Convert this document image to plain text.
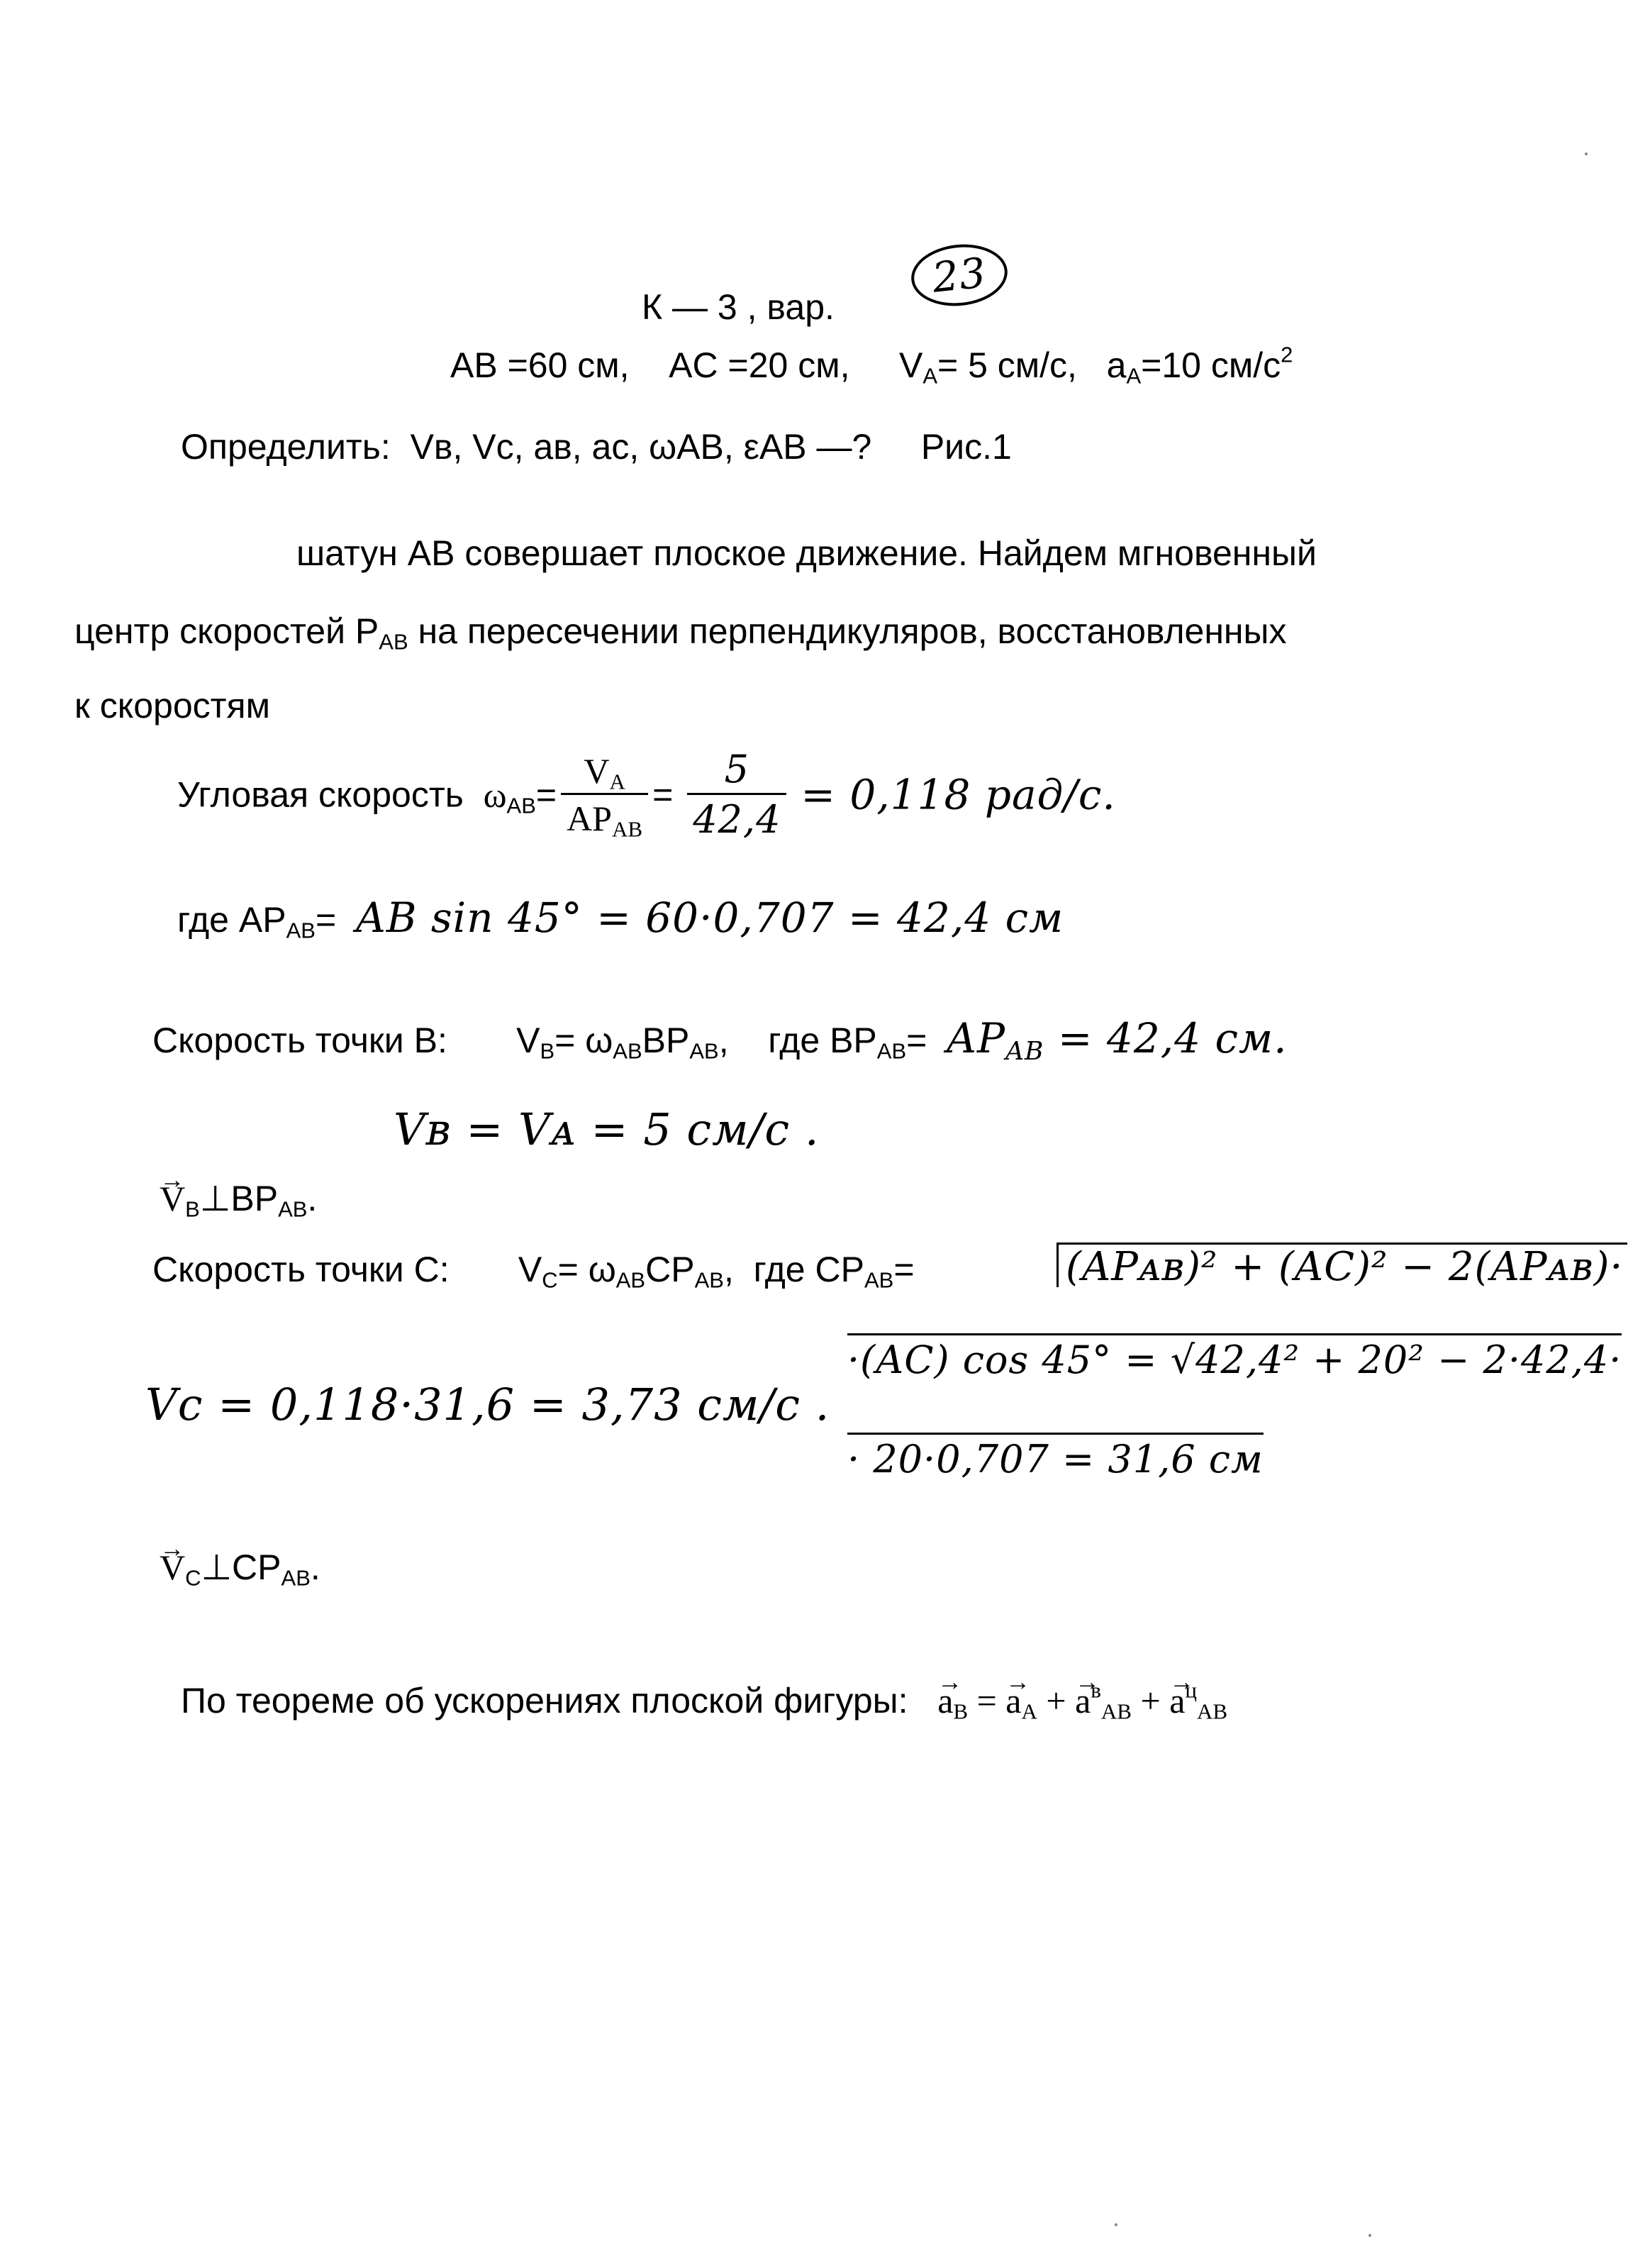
К — 3 , вар.
23
AB =60 см, AC =20 см, $V_A= 5$ см/с, $a_A=10$ $см/с^2$
Определить: Vʙ, Vc, aʙ, ac, ωAB, εAB —? Рис.1
шатун AB совершает плоское движение. Найдем мгновенный
центр скоростей $P_{AB}$ на пересечении перпендикуляров, восстановленных
к скоростям
Угловая скорость $\omega_{AB}= \frac{V_A}{AP_{AB}} = \frac{5}{42,4} = 0,118$ рад/с.
где $AP_{AB}=$ AB sin 45° = 60·0,707 = 42,4 см
Скорость точки B: $V_B= \omega_{AB}BP_{AB}$, где $BP_{AB}= AP_{AB} = 42,4$ см.
Vʙ = Vᴀ = 5 см/с .
→ $V_B\perp BP_{AB}$.
Скорость точки C: $V_C= \omega_{AB}CP_{AB}$, где $CP_{AB}=$	(APᴀʙ)² + (AC)² − 2(APᴀʙ)·
·(AC) cos 45° = √42,4² + 20² − 2·42,4·
· 20·0,707 = 31,6 см
Vc = 0,118·31,6 = 3,73 см/с .
→ $V_C\perp CP_{AB}$.
По теореме об ускорениях плоской фигуры:   → $a_B$ = → $a_A$ + → $a^в_{AB}$ + → $a^ц_{AB}$
